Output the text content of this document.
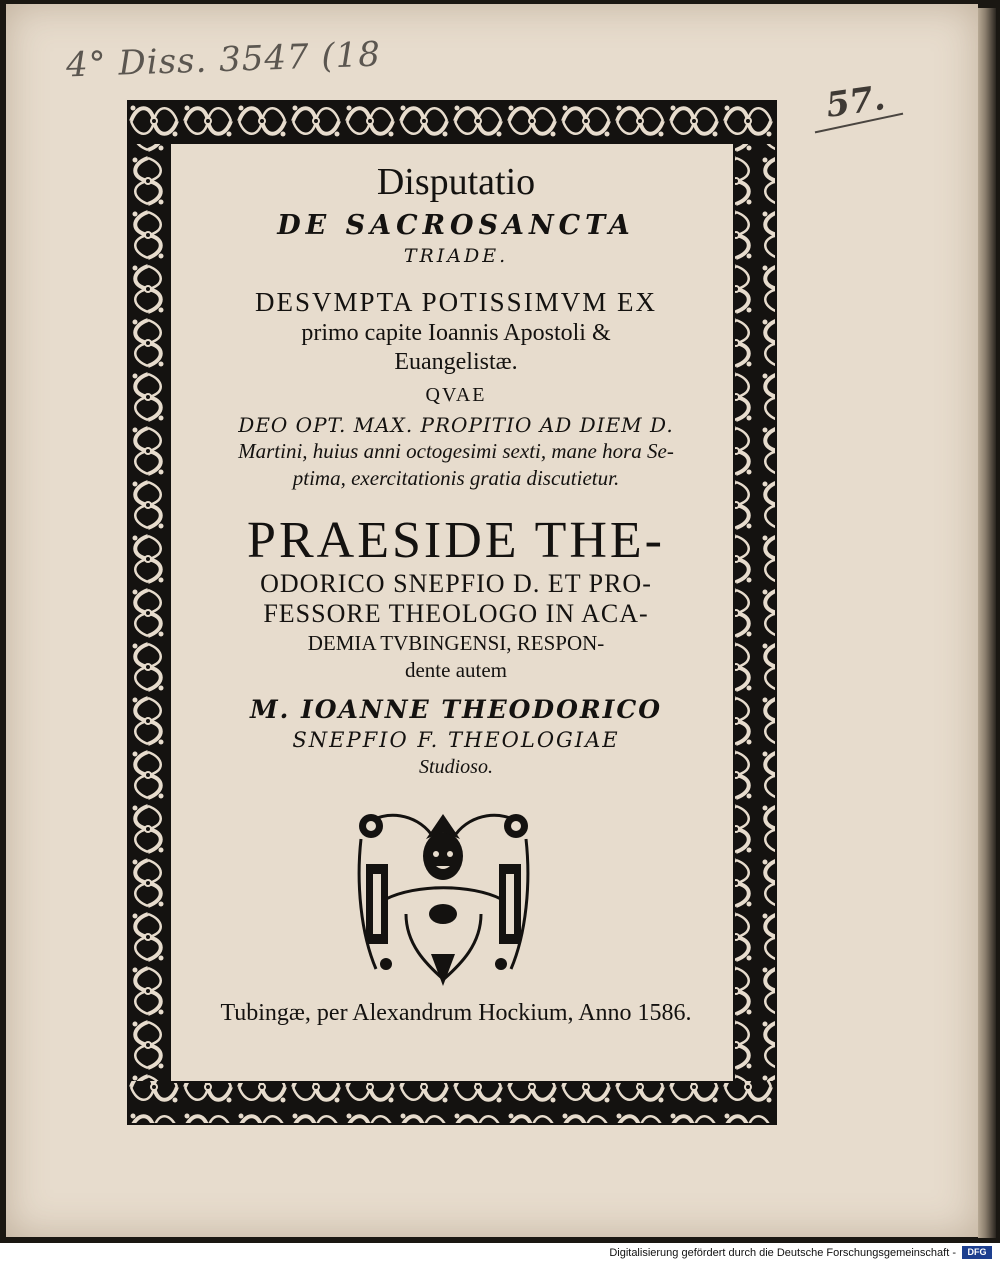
4° Diss. 3547 (18
57.
Disputatio
DE SACROSANCTA
TRIADE.
DESVMPTA POTISSIMVM EX
primo capite Ioannis Apostoli &
Euangelistæ.
QVAE
DEO OPT. MAX. PROPITIO AD DIEM D.
Martini, huius anni octogesimi sexti, mane hora Se-
ptima, exercitationis gratia discutietur.
PRAESIDE THE-
ODORICO SNEPFIO D. ET PRO-
FESSORE THEOLOGO IN ACA-
DEMIA TVBINGENSI, RESPON-
dente autem
M. IOANNE THEODORICO
SNEPFIO F. THEOLOGIAE
Studioso.
Tubingæ, per Alexandrum Hockium, Anno 1586.
Digitalisierung gefördert durch die Deutsche Forschungsgemeinschaft -	DFG
